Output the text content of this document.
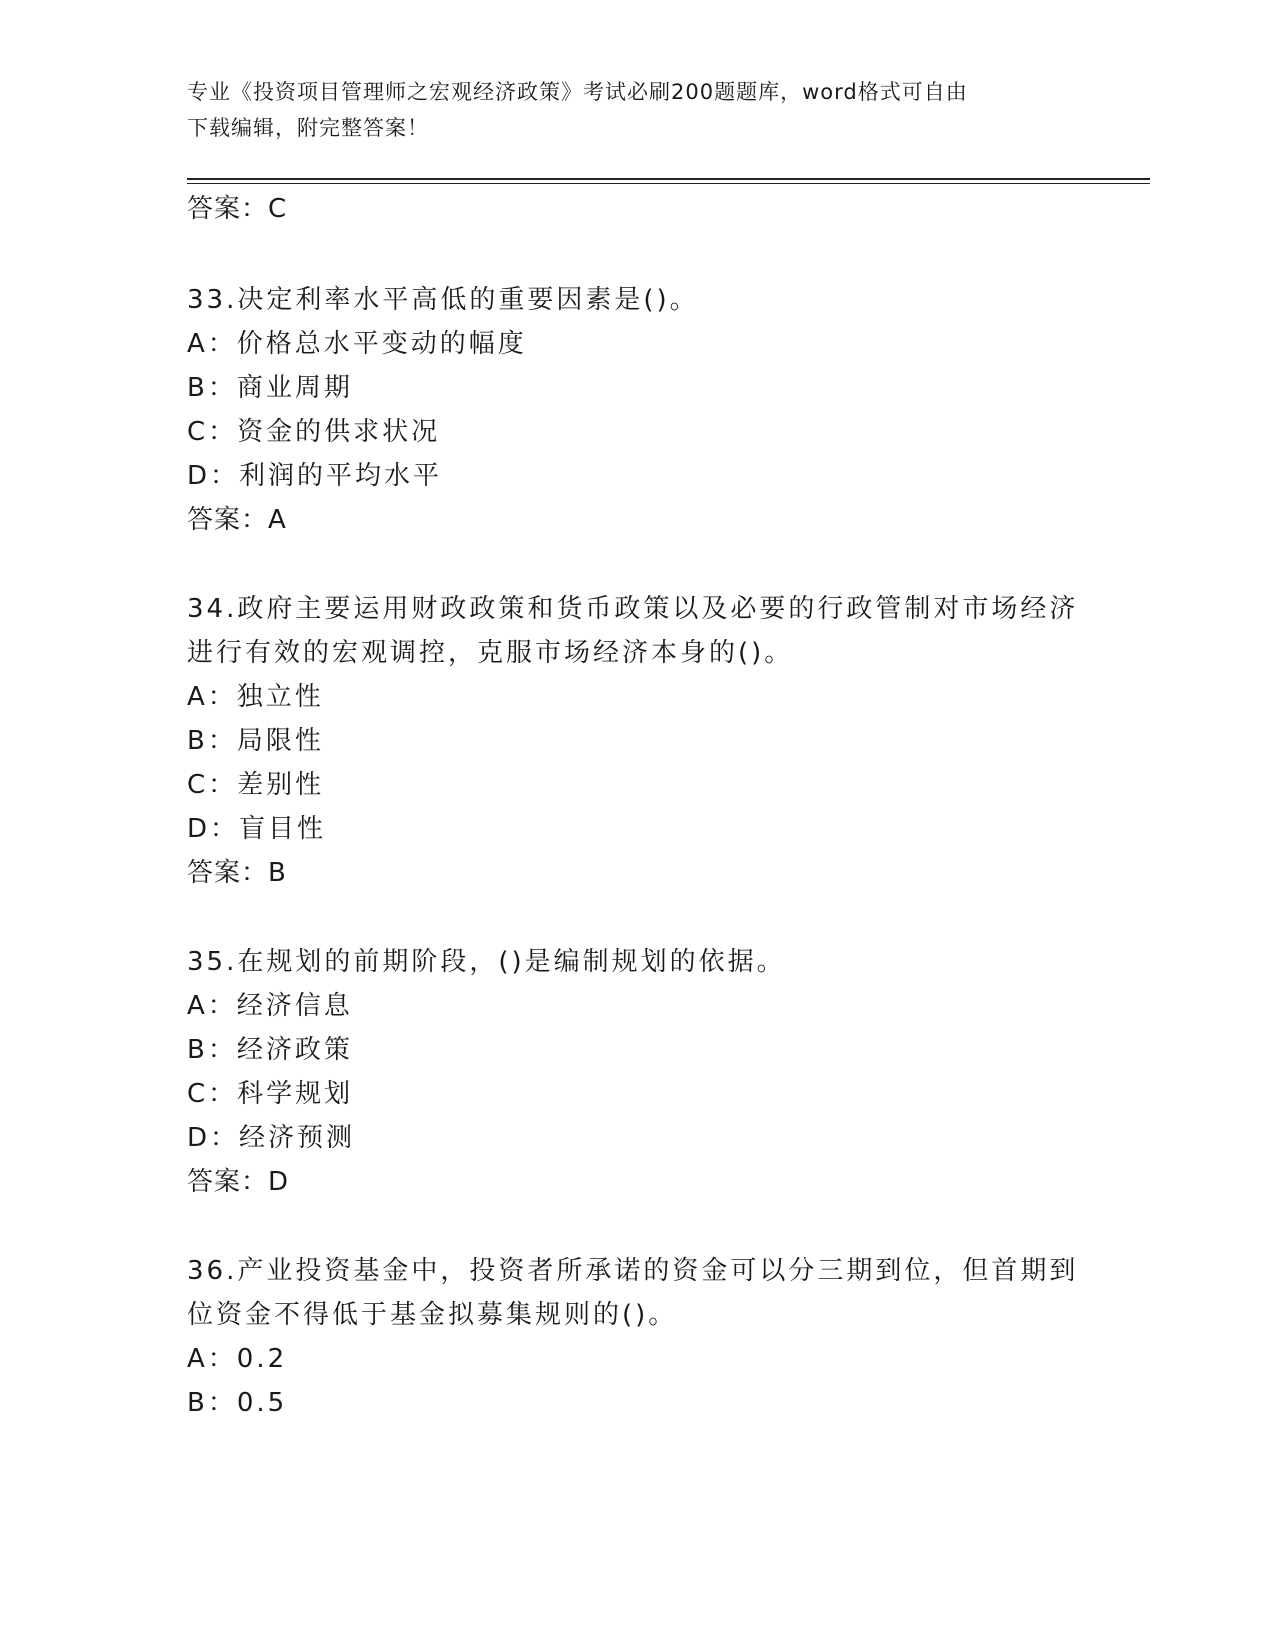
专业《投资项目管理师之宏观经济政策》考试必刷200题题库，word格式可自由
下载编辑，附完整答案！
答案：C
33.决定利率水平高低的重要因素是()。
A：价格总水平变动的幅度
B：商业周期
C：资金的供求状况
D：利润的平均水平
答案：A
34.政府主要运用财政政策和货币政策以及必要的行政管制对市场经济
进行有效的宏观调控，克服市场经济本身的()。
A：独立性
B：局限性
C：差别性
D：盲目性
答案：B
35.在规划的前期阶段，()是编制规划的依据。
A：经济信息
B：经济政策
C：科学规划
D：经济预测
答案：D
36.产业投资基金中，投资者所承诺的资金可以分三期到位，但首期到
位资金不得低于基金拟募集规则的()。
A：0.2
B：0.5
